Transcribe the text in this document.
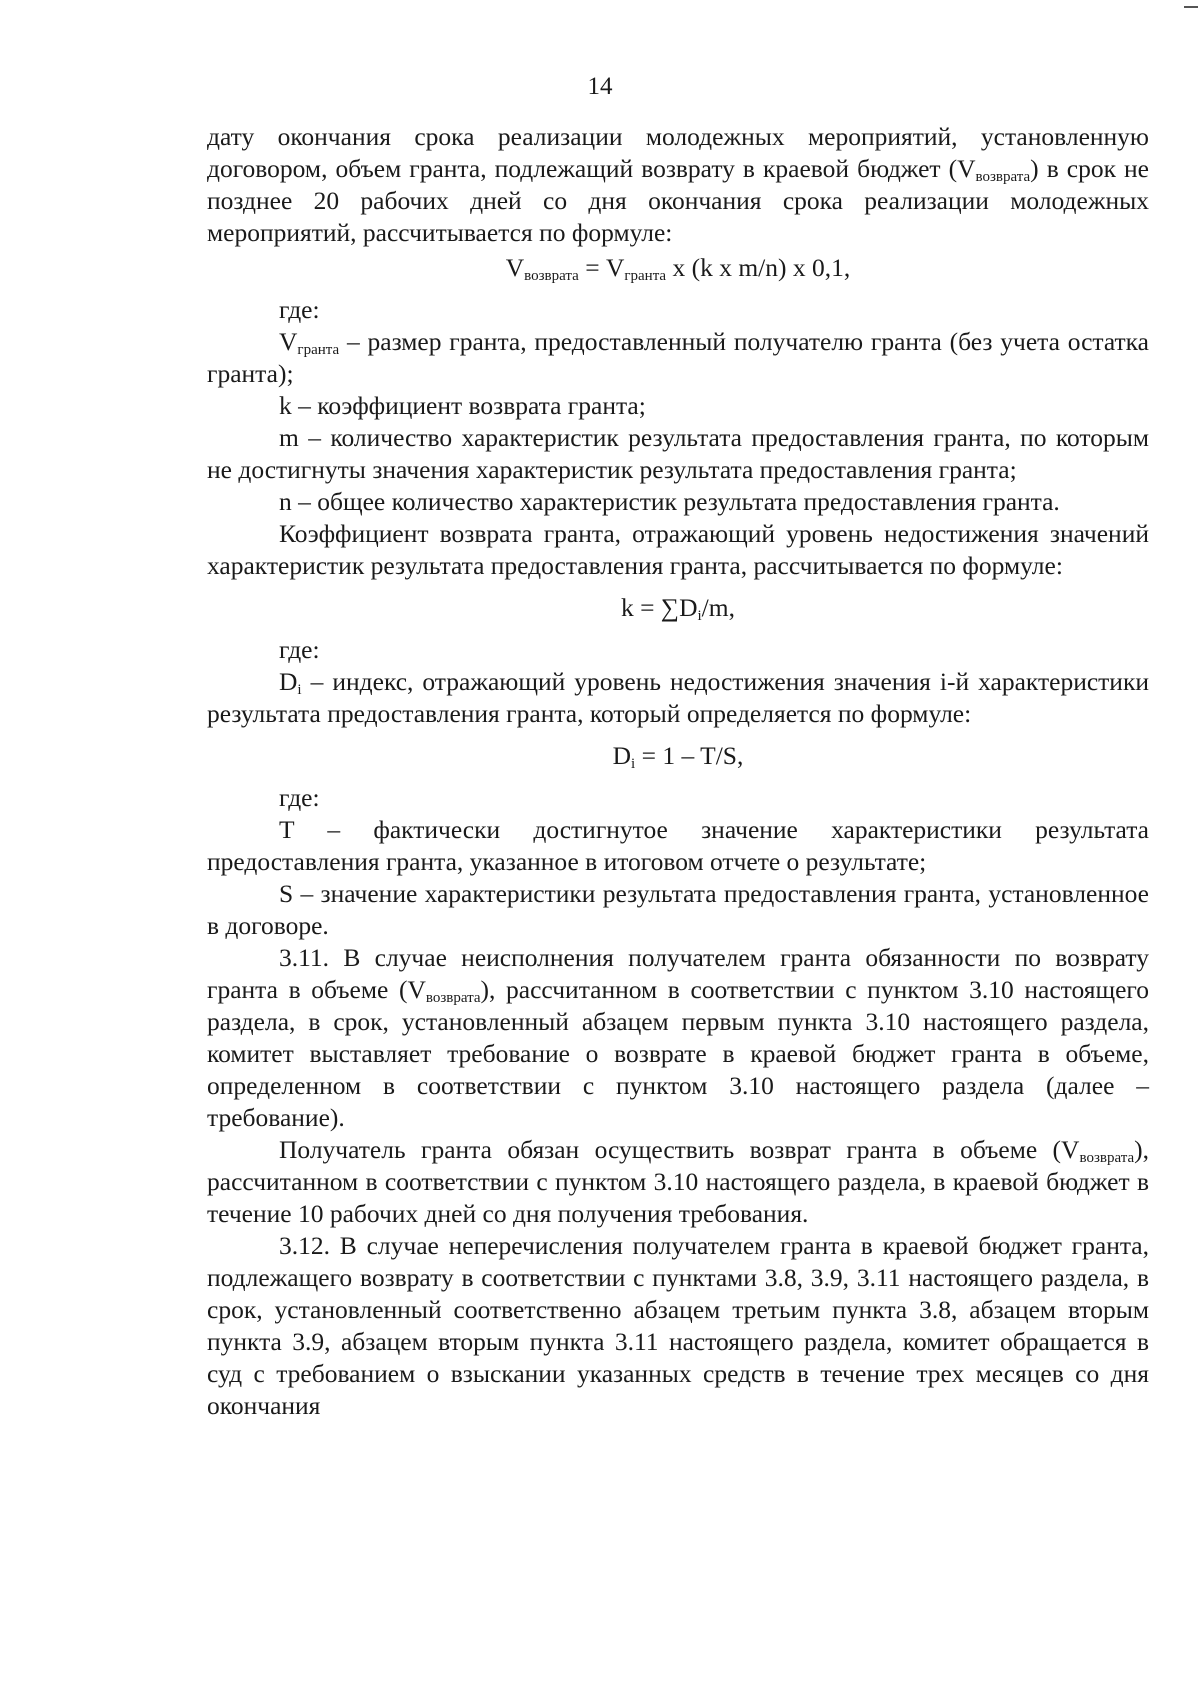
14

дату окончания срока реализации молодежных мероприятий, установленную договором, объем гранта, подлежащий возврату в краевой бюджет $(V_{возврата})$ в срок не позднее 20 рабочих дней со дня окончания срока реализации молодежных мероприятий, рассчитывается по формуле:

$V_{возврата} = V_{гранта}$ x (k x m/n) x 0,1,

где:

$V_{гранта}$ – размер гранта, предоставленный получателю гранта (без учета остатка гранта);

k – коэффициент возврата гранта;

m – количество характеристик результата предоставления гранта, по которым не достигнуты значения характеристик результата предоставления гранта;

n – общее количество характеристик результата предоставления гранта.

Коэффициент возврата гранта, отражающий уровень недостижения значений характеристик результата предоставления гранта, рассчитывается по формуле:

$k = \sum D_i/m$,

где:

$D_i$ – индекс, отражающий уровень недостижения значения i-й характеристики результата предоставления гранта, который определяется по формуле:

$D_i = 1 - T/S$,

где:

T – фактически достигнутое значение характеристики результата предоставления гранта, указанное в итоговом отчете о результате;

S – значение характеристики результата предоставления гранта, установленное в договоре.

3.11. В случае неисполнения получателем гранта обязанности по возврату гранта в объеме $(V_{возврата})$, рассчитанном в соответствии с пунктом 3.10 настоящего раздела, в срок, установленный абзацем первым пункта 3.10 настоящего раздела, комитет выставляет требование о возврате в краевой бюджет гранта в объеме, определенном в соответствии с пунктом 3.10 настоящего раздела (далее – требование).

Получатель гранта обязан осуществить возврат гранта в объеме $(V_{возврата})$, рассчитанном в соответствии с пунктом 3.10 настоящего раздела, в краевой бюджет в течение 10 рабочих дней со дня получения требования.

3.12. В случае неперечисления получателем гранта в краевой бюджет гранта, подлежащего возврату в соответствии с пунктами 3.8, 3.9, 3.11 настоящего раздела, в срок, установленный соответственно абзацем третьим пункта 3.8, абзацем вторым пункта 3.9, абзацем вторым пункта 3.11 настоящего раздела, комитет обращается в суд с требованием о взыскании указанных средств в течение трех месяцев со дня окончания
